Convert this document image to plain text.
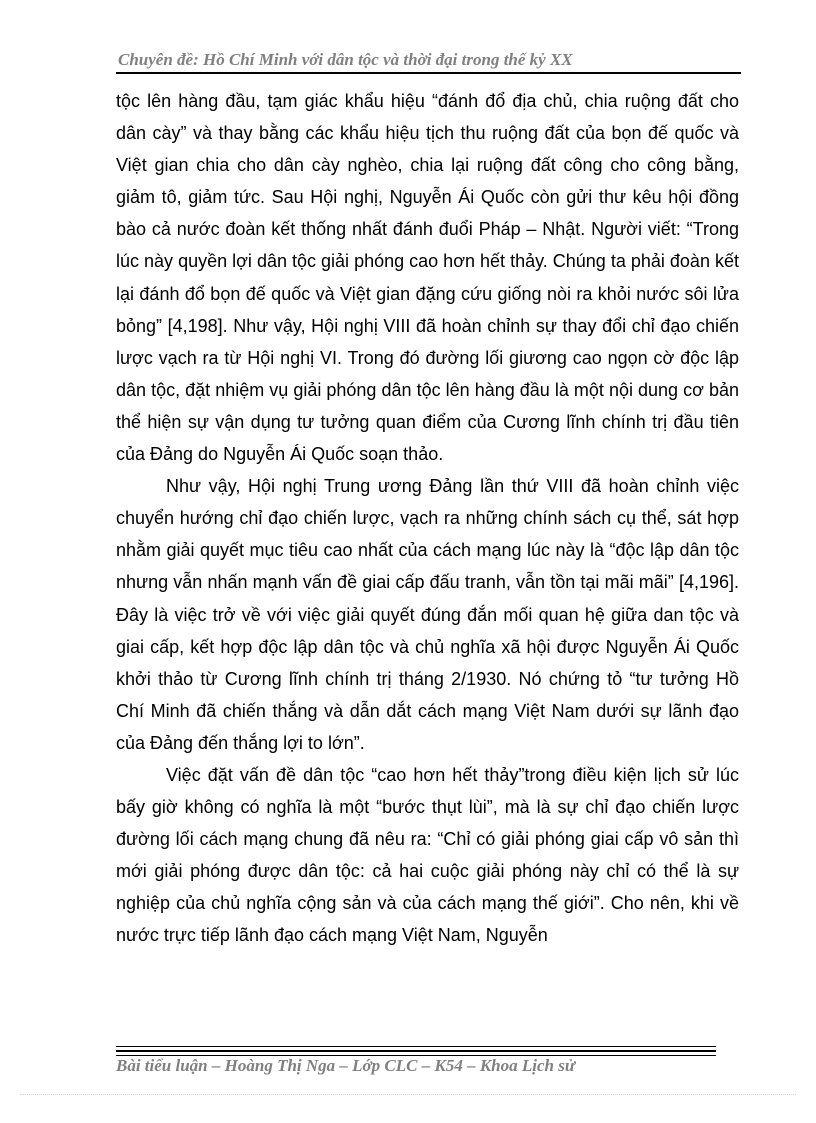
Chuyên đề: Hồ Chí Minh với dân tộc và thời đại trong thế kỷ XX

tộc lên hàng đầu, tạm giác khẩu hiệu “đánh đổ địa chủ, chia ruộng đất cho dân cày” và thay bằng các khẩu hiệu tịch thu ruộng đất của bọn đế quốc và Việt gian chia cho dân cày nghèo, chia lại ruộng đất công cho công bằng, giảm tô, giảm tức. Sau Hội nghị, Nguyễn Ái Quốc còn gửi thư kêu hội đồng bào cả nước đoàn kết thống nhất đánh đuổi Pháp – Nhật. Người viết: “Trong lúc này quyền lợi dân tộc giải phóng cao hơn hết thảy. Chúng ta phải đoàn kết lại đánh đổ bọn đế quốc và Việt gian đặng cứu giống nòi ra khỏi nước sôi lửa bỏng” [4,198]. Như vậy, Hội nghị VIII đã hoàn chỉnh sự thay đổi chỉ đạo chiến lược vạch ra từ Hội nghị VI. Trong đó đường lối giương cao ngọn cờ độc lập dân tộc, đặt nhiệm vụ giải phóng dân tộc lên hàng đầu là một nội dung cơ bản thể hiện sự vận dụng tư tưởng quan điểm của Cương lĩnh chính trị đầu tiên của Đảng do Nguyễn Ái Quốc soạn thảo.

Như vậy, Hội nghị Trung ương Đảng lần thứ VIII đã hoàn chỉnh việc chuyển hướng chỉ đạo chiến lược, vạch ra những chính sách cụ thể, sát hợp nhằm giải quyết mục tiêu cao nhất của cách mạng lúc này là “độc lập dân tộc nhưng vẫn nhấn mạnh vấn đề giai cấp đấu tranh, vẫn tồn tại mãi mãi” [4,196]. Đây là việc trở về với việc giải quyết đúng đắn mối quan hệ giữa dan tộc và giai cấp, kết hợp độc lập dân tộc và chủ nghĩa xã hội được Nguyễn Ái Quốc khởi thảo từ Cương lĩnh chính trị tháng 2/1930. Nó chứng tỏ “tư tưởng Hồ Chí Minh đã chiến thắng và dẫn dắt cách mạng Việt Nam dưới sự lãnh đạo của Đảng đến thắng lợi to lớn”.

Việc đặt vấn đề dân tộc “cao hơn hết thảy”trong điều kiện lịch sử lúc bấy giờ không có nghĩa là một “bước thụt lùi”, mà là sự chỉ đạo chiến lược đường lối cách mạng chung đã nêu ra: “Chỉ có giải phóng giai cấp vô sản thì mới giải phóng được dân tộc: cả hai cuộc giải phóng này chỉ có thể là sự nghiệp của chủ nghĩa cộng sản và của cách mạng thế giới”. Cho nên, khi về nước trực tiếp lãnh đạo cách mạng Việt Nam, Nguyễn

Bài tiểu luận – Hoàng Thị Nga – Lớp CLC – K54 – Khoa Lịch sử
